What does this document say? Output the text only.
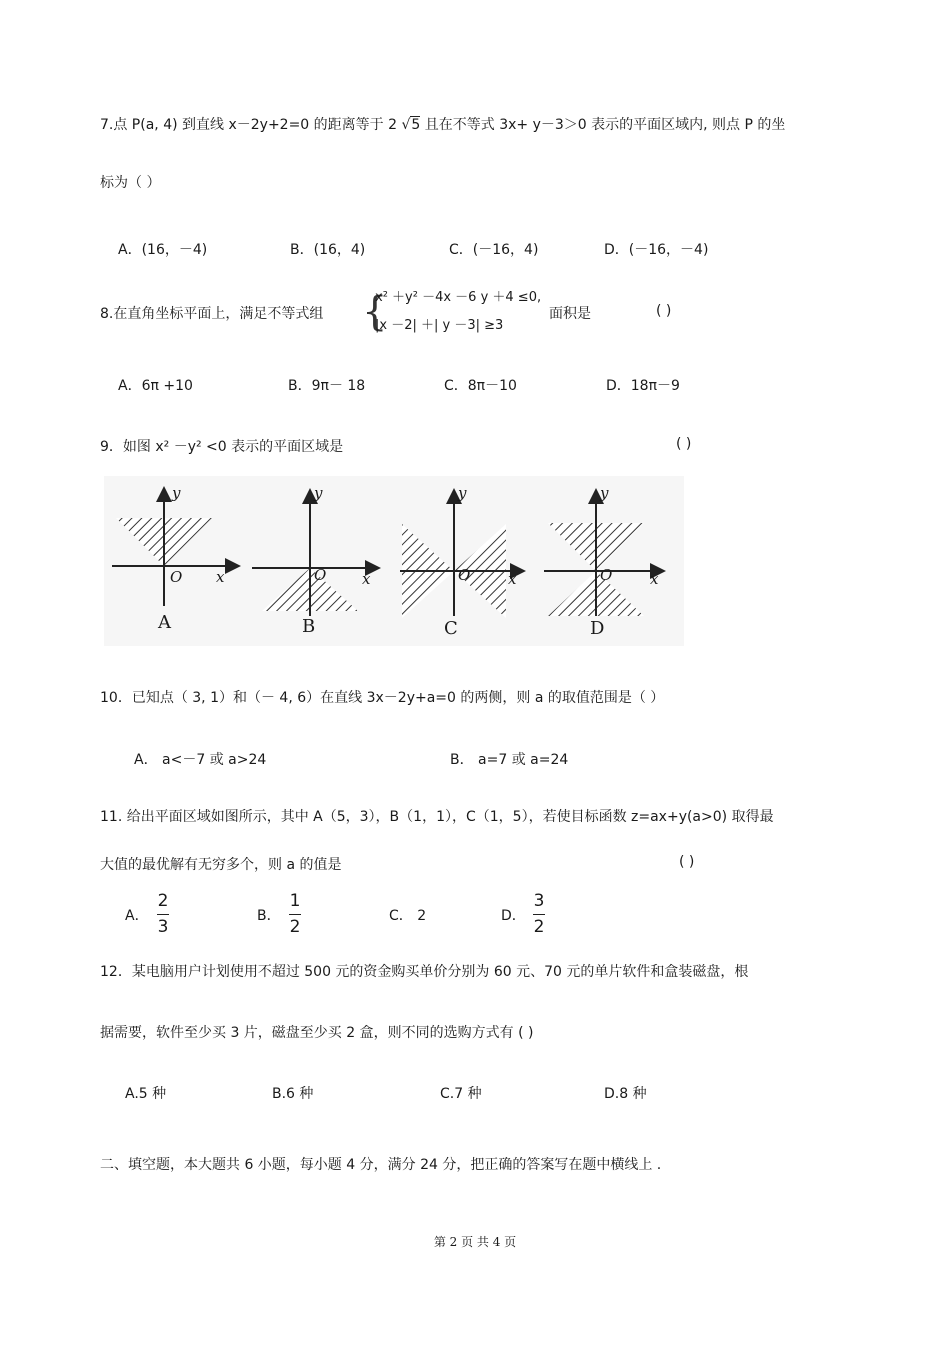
7.点 P(a, 4) 到直线 x－2y+2=0 的距离等于 2 √5 且在不等式 3x+ y－3＞0 表示的平面区域内, 则点 P 的坐
标为（ ）
A．(16，－4)	B．(16，4)	C．(－16，4)	D．(－16，－4)
8.在直角坐标平面上，满足不等式组 {
x² ＋y² －4x －6 y ＋4 ≤0,
|x －2| ＋| y －3| ≥3
面积是	( )
A．6π +10	B．9π－ 18	C．8π－10	D．18π－9
9．如图 x² －y² <0 表示的平面区域是	( )
y
O x
y
O x
y
O	x
y
O	x
A	B	C	D
10．已知点（ 3, 1）和（－ 4, 6）在直线 3x－2y+a=0 的两侧，则 a 的取值范围是（ ）
A． a<－7 或 a>24	B． a=7 或 a=24
11. 给出平面区域如图所示，其中 A（5，3），B（1，1），C（1，5），若使目标函数 z=ax+y(a>0) 取得最
大值的最优解有无穷多个，则 a 的值是	( )
A．
2
3
B．
1
2
C． 2	D．
3
2
12．某电脑用户计划使用不超过 500 元的资金购买单价分别为 60 元、70 元的单片软件和盒装磁盘，根
据需要，软件至少买 3 片，磁盘至少买 2 盒，则不同的选购方式有 ( )
A.5 种	B.6 种	C.7 种	D.8 种
二、填空题，本大题共 6 小题，每小题 4 分，满分 24 分，把正确的答案写在题中横线上 .
第 2 页 共 4 页
